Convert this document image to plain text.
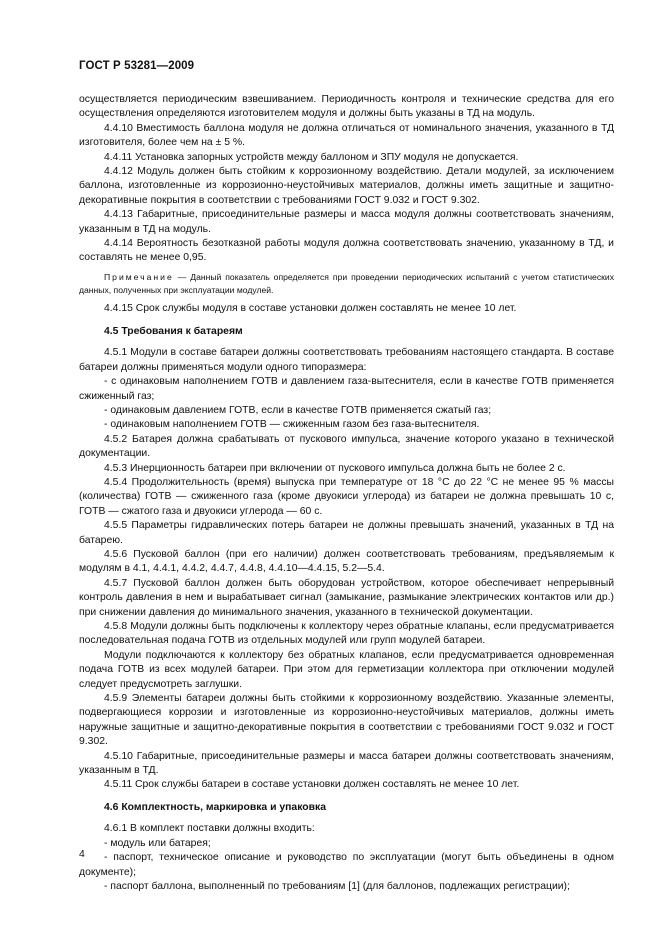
ГОСТ Р 53281—2009

осуществляется периодическим взвешиванием. Периодичность контроля и технические средства для его осуществления определяются изготовителем модуля и должны быть указаны в ТД на модуль.

4.4.10 Вместимость баллона модуля не должна отличаться от номинального значения, указанного в ТД изготовителя, более чем на ± 5 %.

4.4.11 Установка запорных устройств между баллоном и ЗПУ модуля не допускается.

4.4.12 Модуль должен быть стойким к коррозионному воздействию. Детали модулей, за исключением баллона, изготовленные из коррозионно-неустойчивых материалов, должны иметь защитные и защитно-декоративные покрытия в соответствии с требованиями ГОСТ 9.032 и ГОСТ 9.302.

4.4.13 Габаритные, присоединительные размеры и масса модуля должны соответствовать значениям, указанным в ТД на модуль.

4.4.14 Вероятность безотказной работы модуля должна соответствовать значению, указанному в ТД, и составлять не менее 0,95.

Примечание — Данный показатель определяется при проведении периодических испытаний с учетом статистических данных, полученных при эксплуатации модулей.

4.4.15 Срок службы модуля в составе установки должен составлять не менее 10 лет.

4.5 Требования к батареям

4.5.1 Модули в составе батареи должны соответствовать требованиям настоящего стандарта. В составе батареи должны применяться модули одного типоразмера:

- с одинаковым наполнением ГОТВ и давлением газа-вытеснителя, если в качестве ГОТВ применяется сжиженный газ;

- одинаковым давлением ГОТВ, если в качестве ГОТВ применяется сжатый газ;

- одинаковым наполнением ГОТВ — сжиженным газом без газа-вытеснителя.

4.5.2 Батарея должна срабатывать от пускового импульса, значение которого указано в технической документации.

4.5.3 Инерционность батареи при включении от пускового импульса должна быть не более 2 с.

4.5.4 Продолжительность (время) выпуска при температуре от 18 °С до 22 °С не менее 95 % массы (количества) ГОТВ — сжиженного газа (кроме двуокиси углерода) из батареи не должна превышать 10 с, ГОТВ — сжатого газа и двуокиси углерода — 60 с.

4.5.5 Параметры гидравлических потерь батареи не должны превышать значений, указанных в ТД на батарею.

4.5.6 Пусковой баллон (при его наличии) должен соответствовать требованиям, предъявляемым к модулям в 4.1, 4.4.1, 4.4.2, 4.4.7, 4.4.8, 4.4.10—4.4.15, 5.2—5.4.

4.5.7 Пусковой баллон должен быть оборудован устройством, которое обеспечивает непрерывный контроль давления в нем и вырабатывает сигнал (замыкание, размыкание электрических контактов или др.) при снижении давления до минимального значения, указанного в технической документации.

4.5.8 Модули должны быть подключены к коллектору через обратные клапаны, если предусматривается последовательная подача ГОТВ из отдельных модулей или групп модулей батареи.

Модули подключаются к коллектору без обратных клапанов, если предусматривается одновременная подача ГОТВ из всех модулей батареи. При этом для герметизации коллектора при отключении модулей следует предусмотреть заглушки.

4.5.9 Элементы батареи должны быть стойкими к коррозионному воздействию. Указанные элементы, подвергающиеся коррозии и изготовленные из коррозионно-неустойчивых материалов, должны иметь наружные защитные и защитно-декоративные покрытия в соответствии с требованиями ГОСТ 9.032 и ГОСТ 9.302.

4.5.10 Габаритные, присоединительные размеры и масса батареи должны соответствовать значениям, указанным в ТД.

4.5.11 Срок службы батареи в составе установки должен составлять не менее 10 лет.

4.6 Комплектность, маркировка и упаковка

4.6.1 В комплект поставки должны входить:

- модуль или батарея;

- паспорт, техническое описание и руководство по эксплуатации (могут быть объединены в одном документе);

- паспорт баллона, выполненный по требованиям [1] (для баллонов, подлежащих регистрации);

4
